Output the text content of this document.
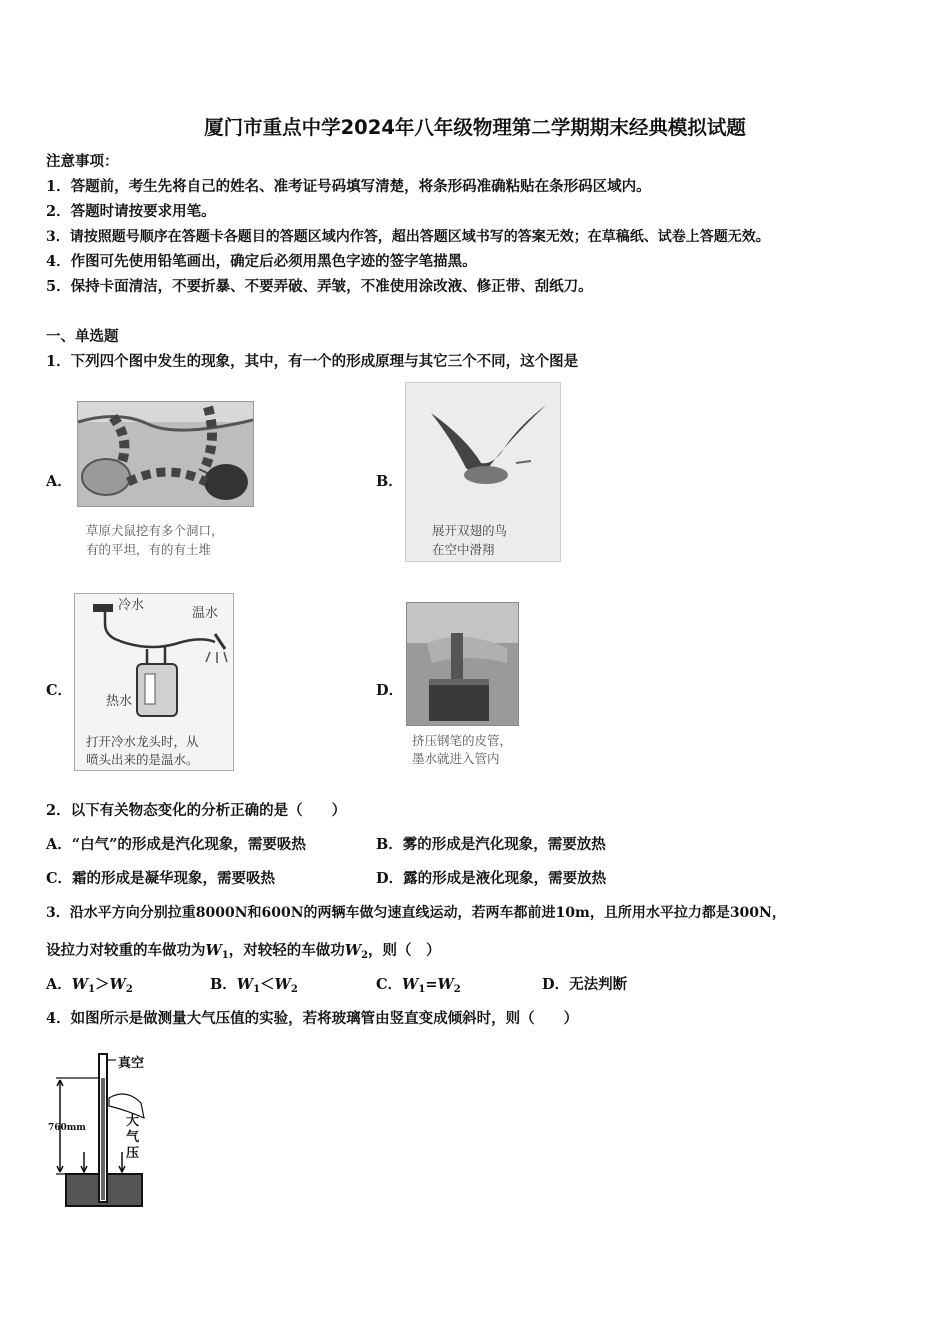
厦门市重点中学2024年八年级物理第二学期期末经典模拟试题
注意事项：
1．答题前，考生先将自己的姓名、准考证号码填写清楚，将条形码准确粘贴在条形码区域内。
2．答题时请按要求用笔。
3．请按照题号顺序在答题卡各题目的答题区域内作答，超出答题区域书写的答案无效；在草稿纸、试卷上答题无效。
4．作图可先使用铅笔画出，确定后必须用黑色字迹的签字笔描黑。
5．保持卡面清洁，不要折暴、不要弄破、弄皱，不准使用涂改液、修正带、刮纸刀。
一、单选题
1．下列四个图中发生的现象，其中，有一个的形成原理与其它三个不同，这个图是
A．
草原犬鼠挖有多个洞口，
有的平坦，有的有土堆
B．
展开双翅的鸟
在空中滑翔
C．
冷水
温水
热水
打开冷水龙头时，从
喷头出来的是温水。
D．
挤压钢笔的皮管，
墨水就进入管内
2．以下有关物态变化的分析正确的是（　　）
A．“白气”的形成是汽化现象，需要吸热	B．雾的形成是汽化现象，需要放热
C．霜的形成是凝华现象，需要吸热	D．露的形成是液化现象，需要放热
3．沿水平方向分别拉重8000N和600N的两辆车做匀速直线运动，若两车都前进10m，且所用水平拉力都是300N，
设拉力对较重的车做功为$W_1$，对较轻的车做功$W_2$，则（　）
A．$W_1>W_2$	B．$W_1<W_2$	C．$W_1=W_2$	D．无法判断
4．如图所示是做测量大气压值的实验，若将玻璃管由竖直变成倾斜时，则（　　）
真空
760mm	大
气
压
